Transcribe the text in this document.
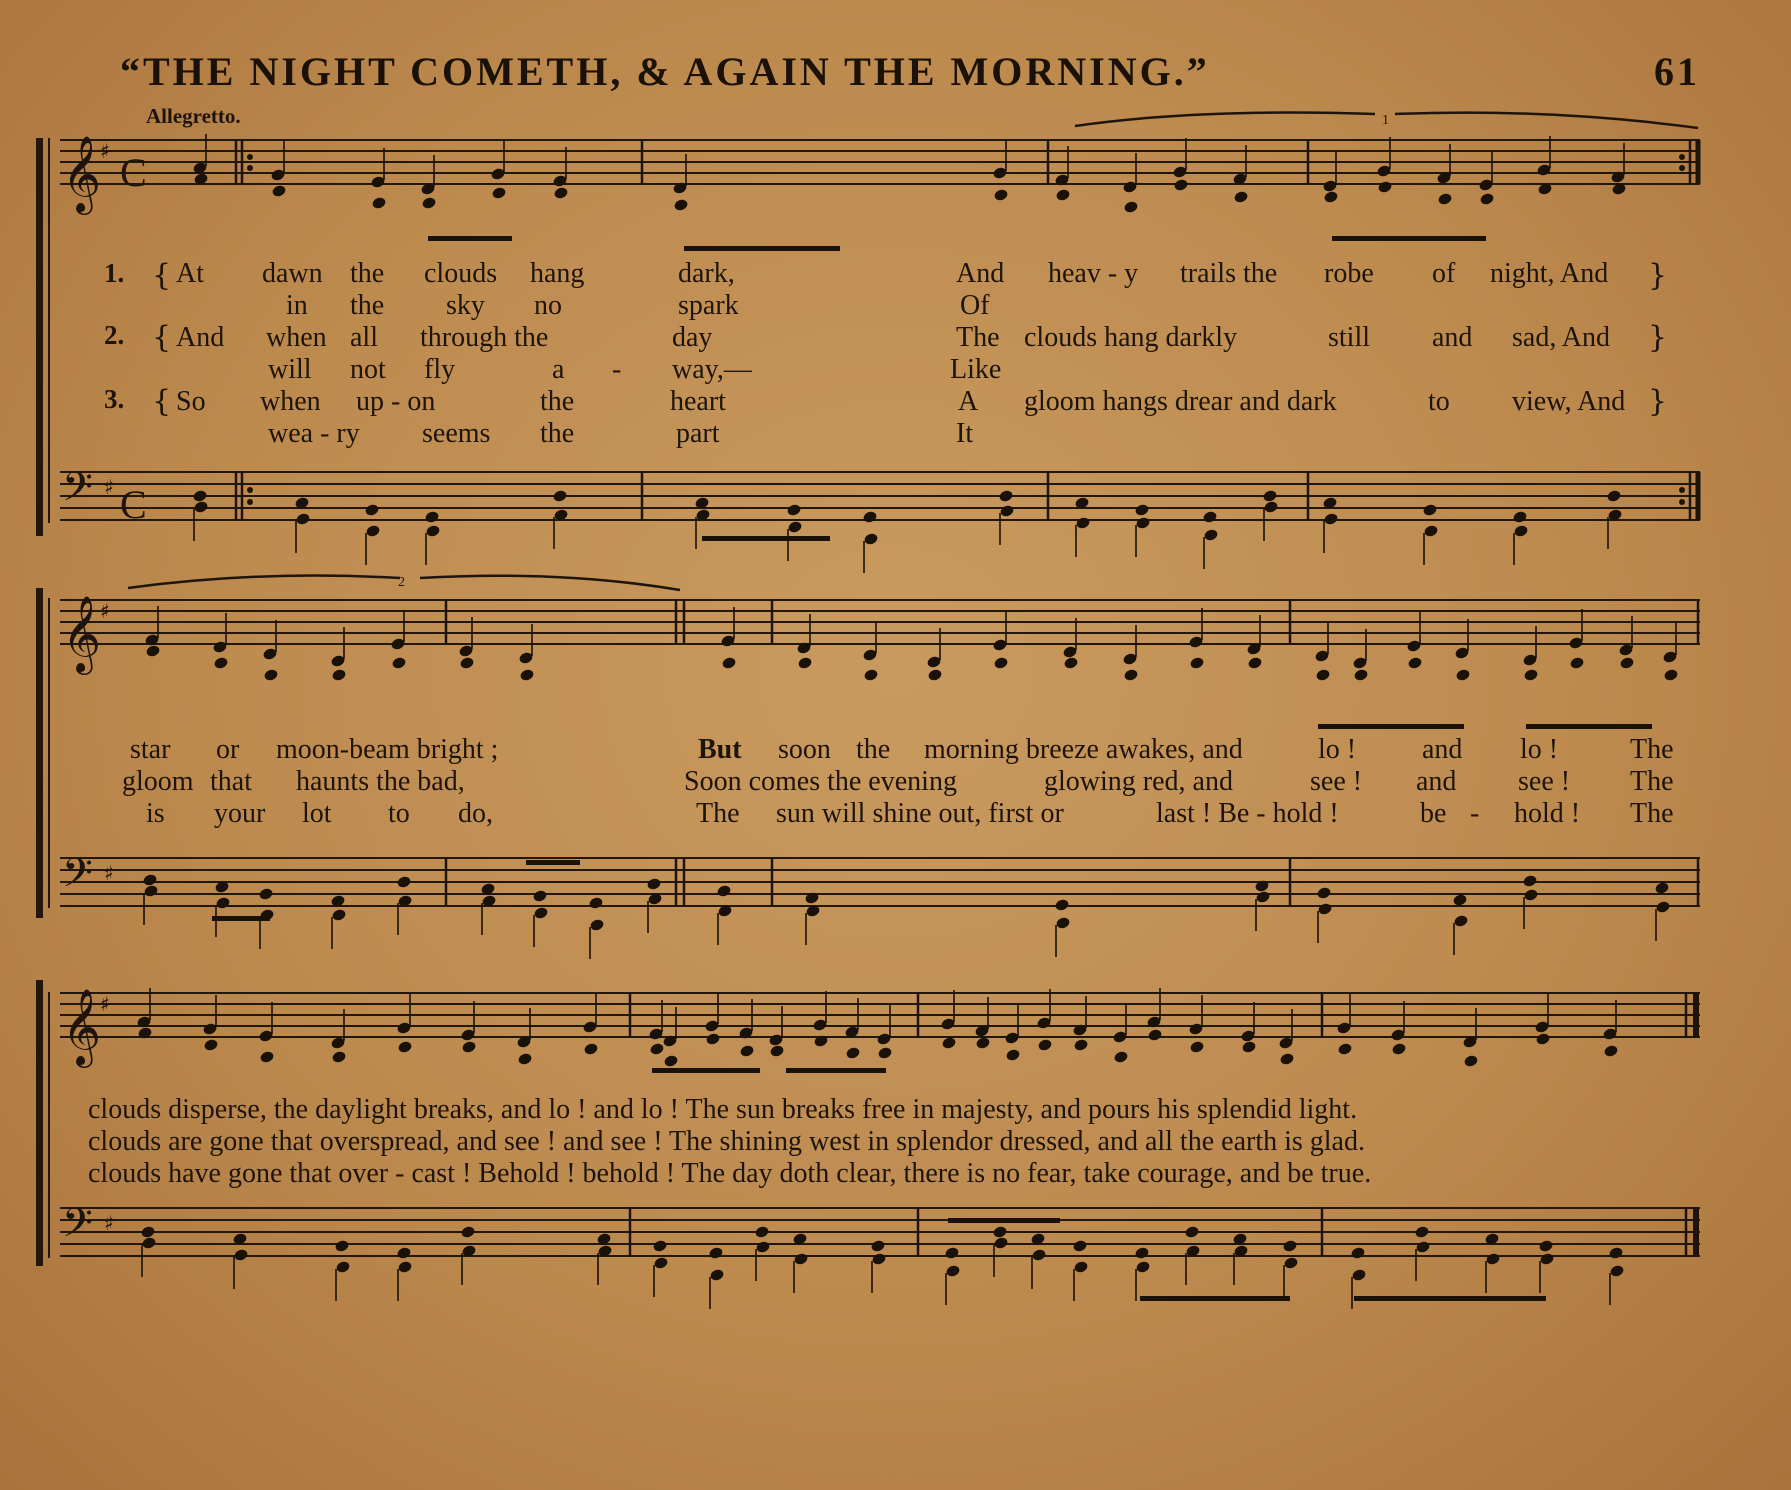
“THE NIGHT COMETH, & AGAIN THE MORNING.”	61
Allegretto.
𝄞
𝄢
𝄞
𝄢
𝄞
𝄢
♯
♯
♯
♯
♯
♯
C
C
1
2
1.
2.
3.
{
{
{
}
}
}
At dawn the clouds hang	dark,	And heav - y trails the robe of night, And
in the sky no	spark	Of
And when all through the	day	The clouds hang darkly	still and sad, And
will not fly	a - way,—	Like
So when up - on	the	heart	A gloom hangs drear and dark	to view, And
wea - ry seems the	part	It
star or moon-beam bright ;	But soon the morning breeze awakes, and	lo ! and lo !	The
gloom that haunts the bad,	Soon comes the evening	glowing red, and	see ! and see ! The
is your lot to do,	The sun will shine out, first or	last ! Be - hold !	be - hold ! The
clouds disperse, the daylight breaks, and lo ! and lo ! The sun breaks free in majesty, and pours his splendid light.
clouds are gone that overspread, and see ! and see ! The shining west in splendor dressed, and all the earth is glad.
clouds have gone that over - cast ! Behold ! behold ! The day doth clear, there is no fear, take courage, and be true.
